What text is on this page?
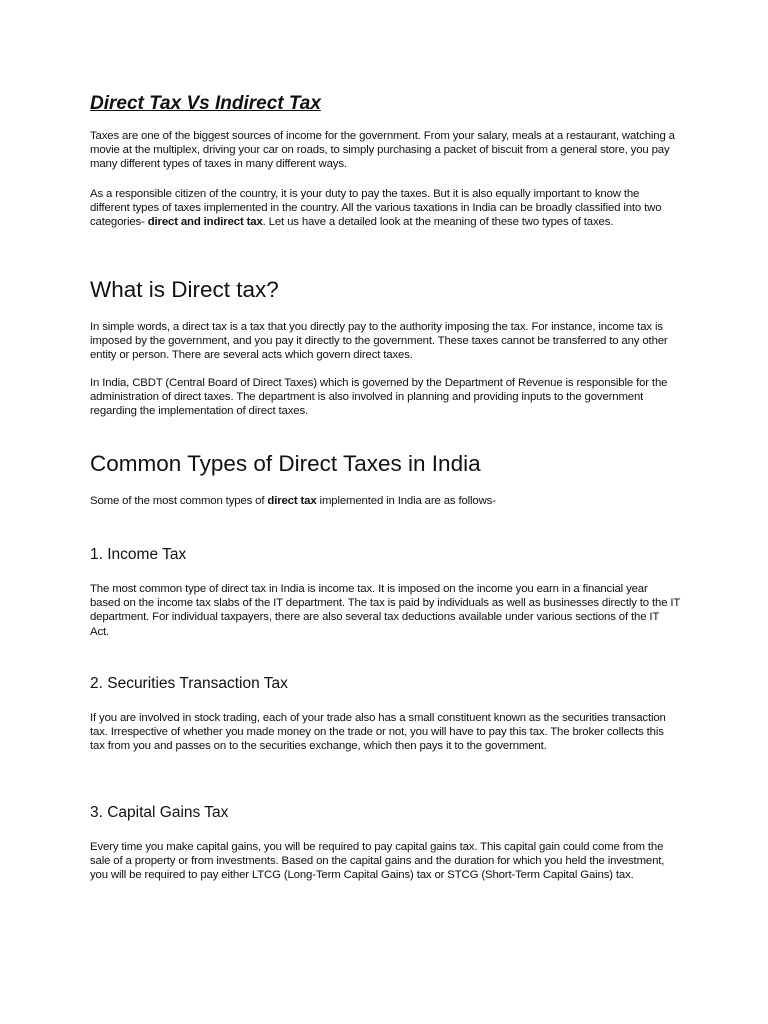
Direct Tax Vs Indirect Tax

Taxes are one of the biggest sources of income for the government. From your salary, meals at a restaurant, watching a movie at the multiplex, driving your car on roads, to simply purchasing a packet of biscuit from a general store, you pay many different types of taxes in many different ways.

As a responsible citizen of the country, it is your duty to pay the taxes. But it is also equally important to know the different types of taxes implemented in the country. All the various taxations in India can be broadly classified into two categories- direct and indirect tax. Let us have a detailed look at the meaning of these two types of taxes.

What is Direct tax?

In simple words, a direct tax is a tax that you directly pay to the authority imposing the tax. For instance, income tax is imposed by the government, and you pay it directly to the government. These taxes cannot be transferred to any other entity or person. There are several acts which govern direct taxes.

In India, CBDT (Central Board of Direct Taxes) which is governed by the Department of Revenue is responsible for the administration of direct taxes. The department is also involved in planning and providing inputs to the government regarding the implementation of direct taxes.

Common Types of Direct Taxes in India

Some of the most common types of direct tax implemented in India are as follows-

1. Income Tax

The most common type of direct tax in India is income tax. It is imposed on the income you earn in a financial year based on the income tax slabs of the IT department. The tax is paid by individuals as well as businesses directly to the IT department. For individual taxpayers, there are also several tax deductions available under various sections of the IT Act.

2. Securities Transaction Tax

If you are involved in stock trading, each of your trade also has a small constituent known as the securities transaction tax. Irrespective of whether you made money on the trade or not, you will have to pay this tax. The broker collects this tax from you and passes on to the securities exchange, which then pays it to the government.

3. Capital Gains Tax

Every time you make capital gains, you will be required to pay capital gains tax. This capital gain could come from the sale of a property or from investments. Based on the capital gains and the duration for which you held the investment, you will be required to pay either LTCG (Long-Term Capital Gains) tax or STCG (Short-Term Capital Gains) tax.
